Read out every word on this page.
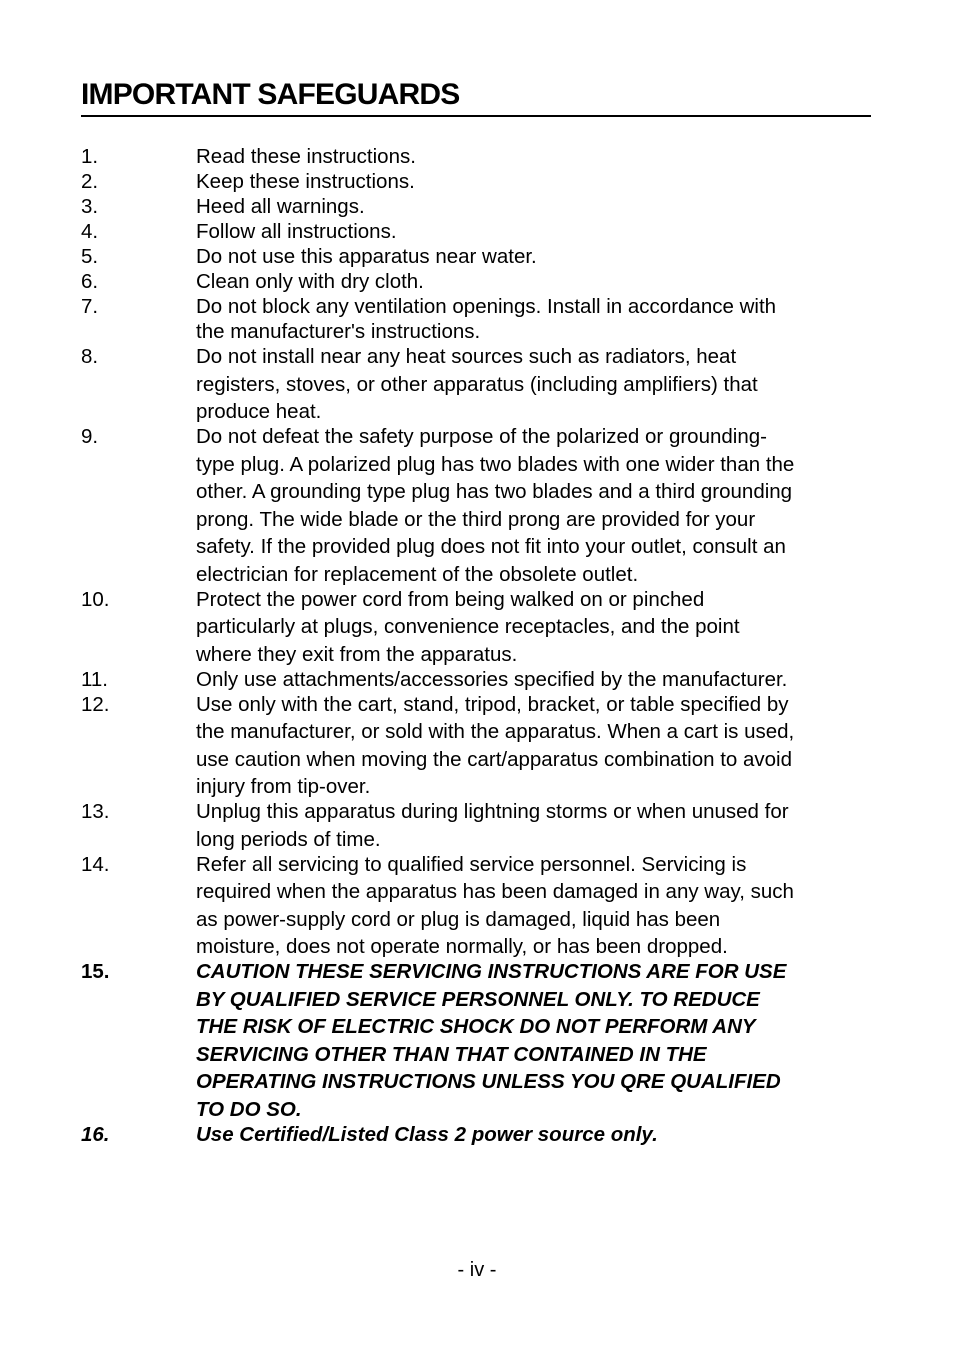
IMPORTANT SAFEGUARDS
1.	Read these instructions.
2.	Keep these instructions.
3.	Heed all warnings.
4.	Follow all instructions.
5.	Do not use this apparatus near water.
6.	Clean only with dry cloth.
7.	Do not block any ventilation openings. Install in accordance with
the manufacturer's instructions.
8.	Do not install near any heat sources such as radiators, heat
registers, stoves, or other apparatus (including amplifiers) that
produce heat.
9.	Do not defeat the safety purpose of the polarized or grounding-
type plug. A polarized plug has two blades with one wider than the
other. A grounding type plug has two blades and a third grounding
prong. The wide blade or the third prong are provided for your
safety. If the provided plug does not fit into your outlet, consult an
electrician for replacement of the obsolete outlet.
10.	Protect the power cord from being walked on or pinched
particularly at plugs, convenience receptacles, and the point
where they exit from the apparatus.
11.	Only use attachments/accessories specified by the manufacturer.
12.	Use only with the cart, stand, tripod, bracket, or table specified by
the manufacturer, or sold with the apparatus. When a cart is used,
use caution when moving the cart/apparatus combination to avoid
injury from tip-over.
13.	Unplug this apparatus during lightning storms or when unused for
long periods of time.
14.	Refer all servicing to qualified service personnel. Servicing is
required when the apparatus has been damaged in any way, such
as power-supply cord or plug is damaged, liquid has been
moisture, does not operate normally, or has been dropped.
15.	CAUTION THESE SERVICING INSTRUCTIONS ARE FOR USE
BY QUALIFIED SERVICE PERSONNEL ONLY. TO REDUCE
THE RISK OF ELECTRIC SHOCK DO NOT PERFORM ANY
SERVICING OTHER THAN THAT CONTAINED IN THE
OPERATING INSTRUCTIONS UNLESS YOU QRE QUALIFIED
TO DO SO.
16.	Use Certified/Listed Class 2 power source only.
- iv -
